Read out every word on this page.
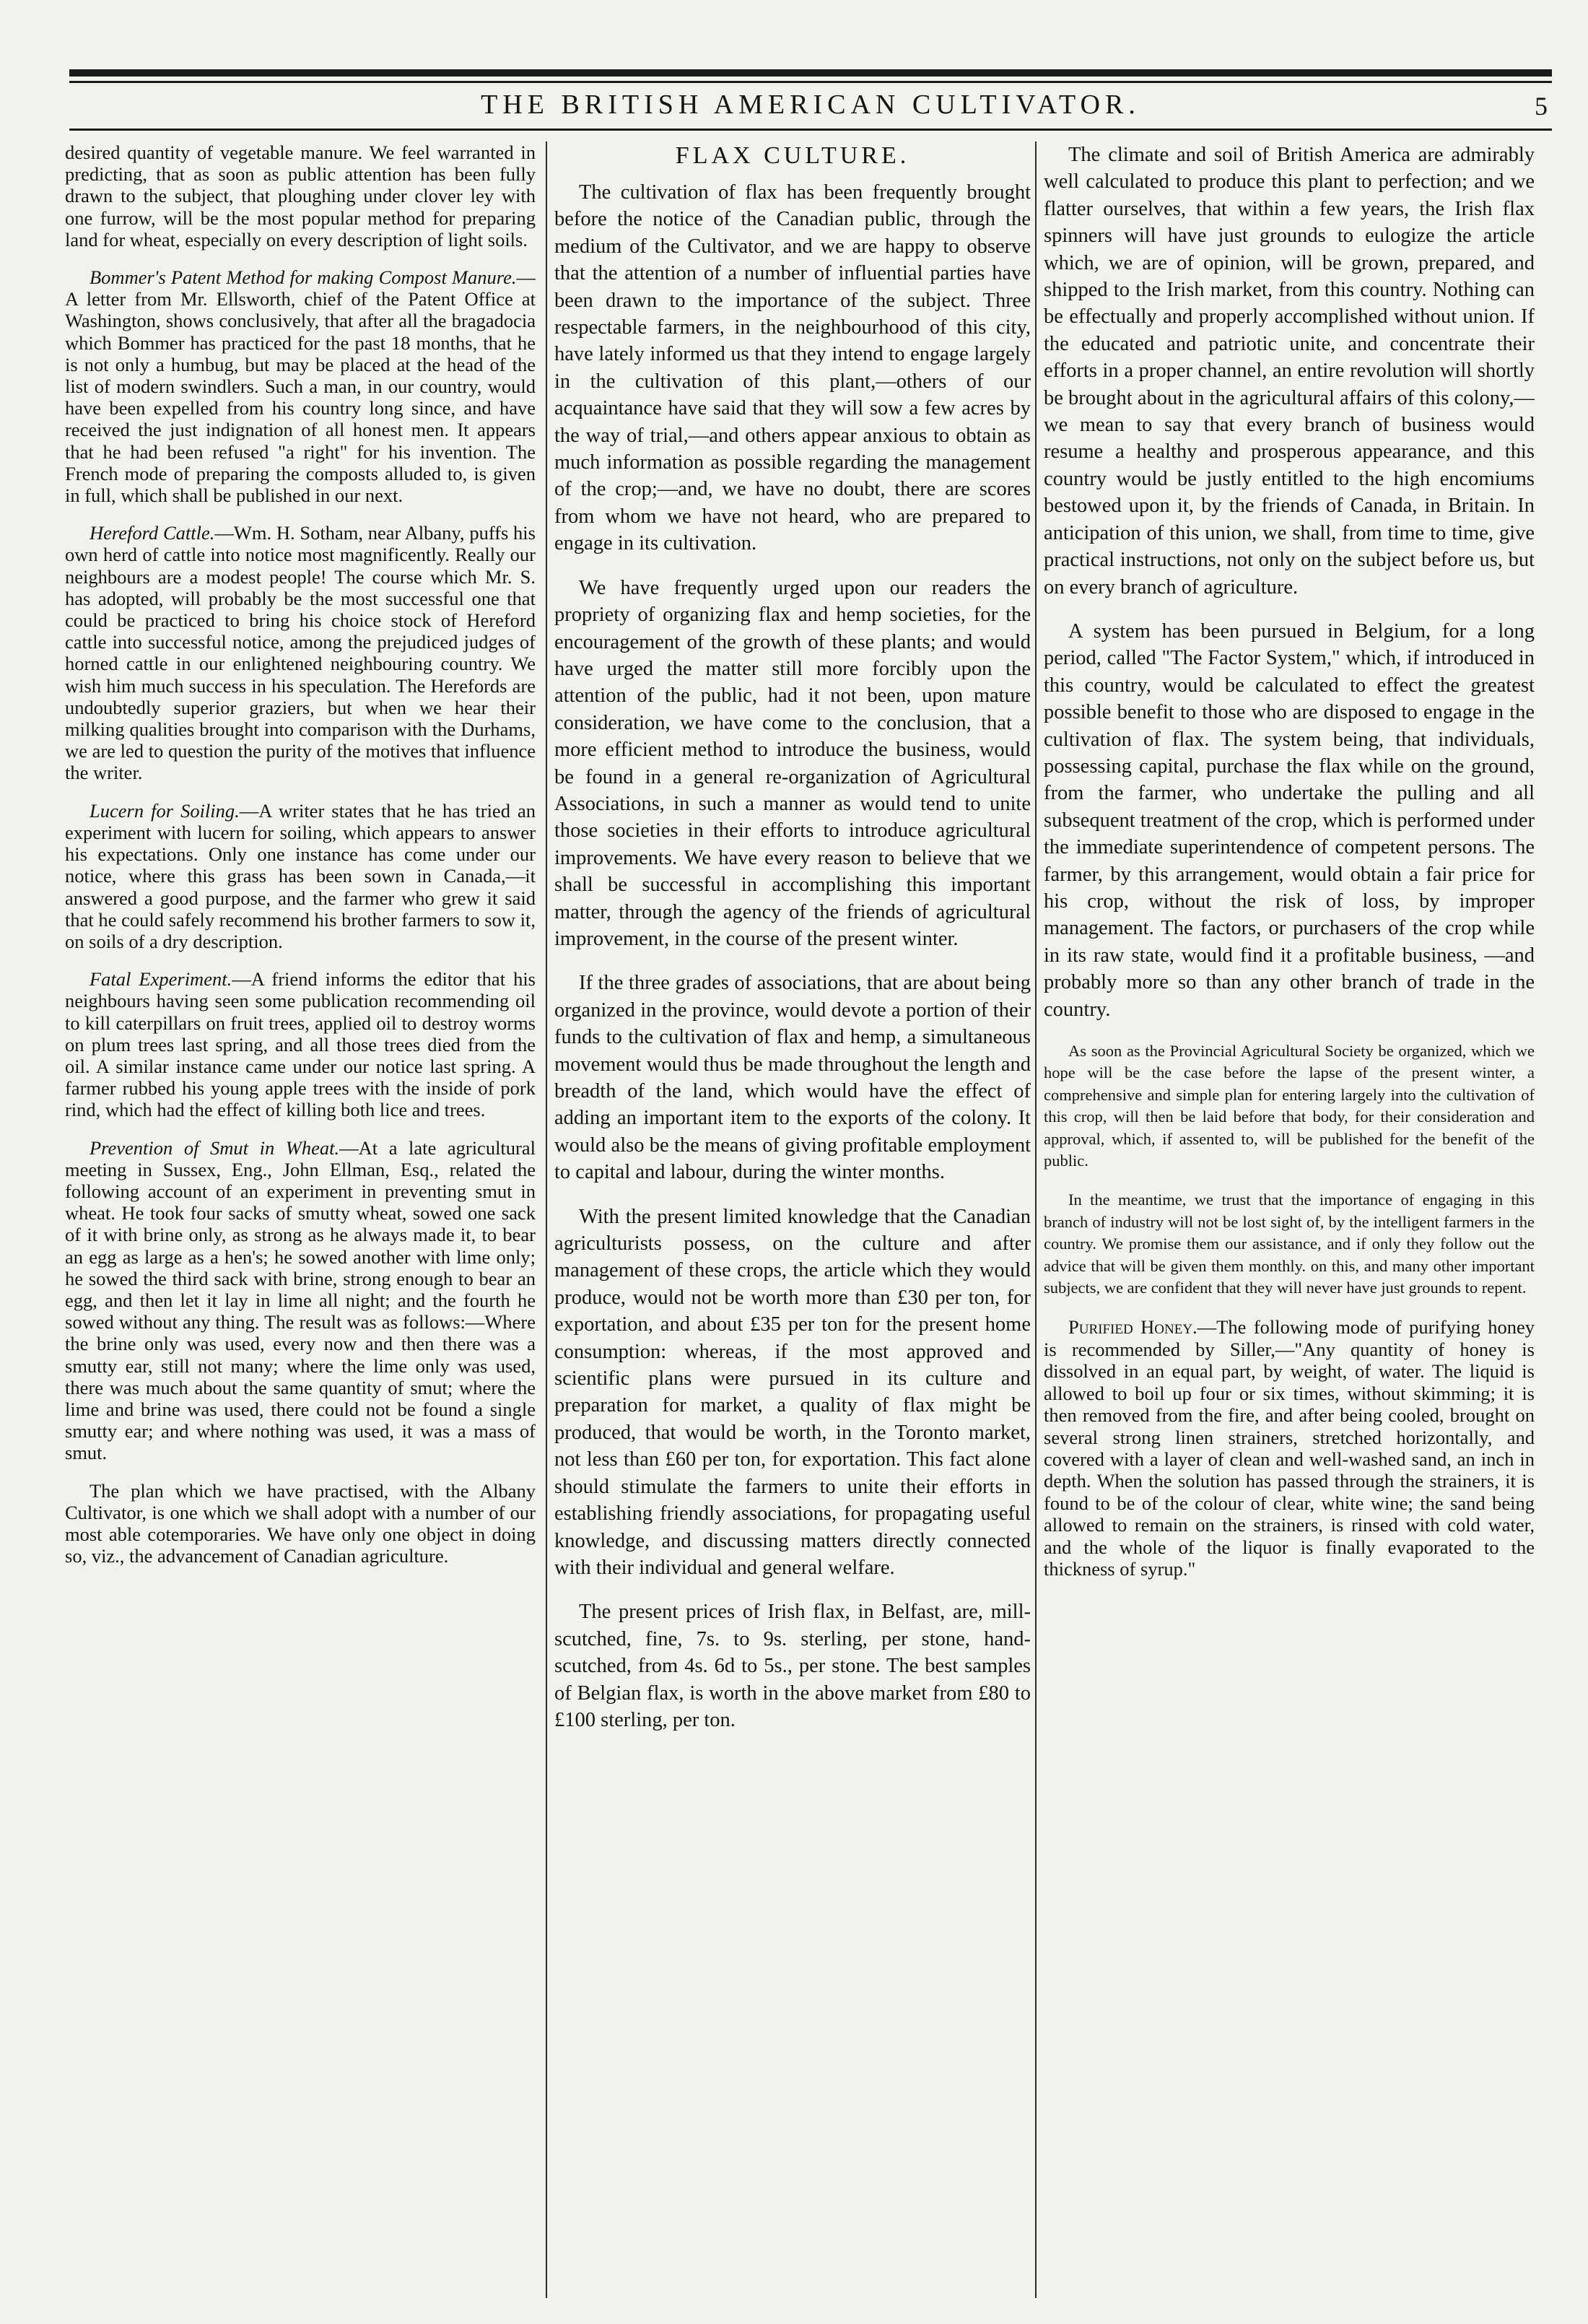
THE BRITISH AMERICAN CULTIVATOR.	5

desired quantity of vegetable manure. We feel warranted in predicting, that as soon as public attention has been fully drawn to the subject, that ploughing under clover ley with one furrow, will be the most popular method for preparing land for wheat, especially on every description of light soils.

Bommer's Patent Method for making Compost Manure.—A letter from Mr. Ellsworth, chief of the Patent Office at Washington, shows conclusively, that after all the bragadocia which Bommer has practiced for the past 18 months, that he is not only a humbug, but may be placed at the head of the list of modern swindlers. Such a man, in our country, would have been expelled from his country long since, and have received the just indignation of all honest men. It appears that he had been refused "a right" for his invention. The French mode of preparing the composts alluded to, is given in full, which shall be published in our next.

Hereford Cattle.—Wm. H. Sotham, near Albany, puffs his own herd of cattle into notice most magnificently. Really our neighbours are a modest people! The course which Mr. S. has adopted, will probably be the most successful one that could be practiced to bring his choice stock of Hereford cattle into successful notice, among the prejudiced judges of horned cattle in our enlightened neighbouring country. We wish him much success in his speculation. The Herefords are undoubtedly superior graziers, but when we hear their milking qualities brought into comparison with the Durhams, we are led to question the purity of the motives that influence the writer.

Lucern for Soiling.—A writer states that he has tried an experiment with lucern for soiling, which appears to answer his expectations. Only one instance has come under our notice, where this grass has been sown in Canada,—it answered a good purpose, and the farmer who grew it said that he could safely recommend his brother farmers to sow it, on soils of a dry description.

Fatal Experiment.—A friend informs the editor that his neighbours having seen some publication recommending oil to kill caterpillars on fruit trees, applied oil to destroy worms on plum trees last spring, and all those trees died from the oil. A similar instance came under our notice last spring. A farmer rubbed his young apple trees with the inside of pork rind, which had the effect of killing both lice and trees.

Prevention of Smut in Wheat.—At a late agricultural meeting in Sussex, Eng., John Ellman, Esq., related the following account of an experiment in preventing smut in wheat. He took four sacks of smutty wheat, sowed one sack of it with brine only, as strong as he always made it, to bear an egg as large as a hen's; he sowed another with lime only; he sowed the third sack with brine, strong enough to bear an egg, and then let it lay in lime all night; and the fourth he sowed without any thing. The result was as follows:—Where the brine only was used, every now and then there was a smutty ear, still not many; where the lime only was used, there was much about the same quantity of smut; where the lime and brine was used, there could not be found a single smutty ear; and where nothing was used, it was a mass of smut.

The plan which we have practised, with the Albany Cultivator, is one which we shall adopt with a number of our most able cotemporaries. We have only one object in doing so, viz., the advancement of Canadian agriculture.

FLAX CULTURE.

The cultivation of flax has been frequently brought before the notice of the Canadian public, through the medium of the Cultivator, and we are happy to observe that the attention of a number of influential parties have been drawn to the importance of the subject. Three respectable farmers, in the neighbourhood of this city, have lately informed us that they intend to engage largely in the cultivation of this plant,—others of our acquaintance have said that they will sow a few acres by the way of trial,—and others appear anxious to obtain as much information as possible regarding the management of the crop;—and, we have no doubt, there are scores from whom we have not heard, who are prepared to engage in its cultivation.

We have frequently urged upon our readers the propriety of organizing flax and hemp societies, for the encouragement of the growth of these plants; and would have urged the matter still more forcibly upon the attention of the public, had it not been, upon mature consideration, we have come to the conclusion, that a more efficient method to introduce the business, would be found in a general re-organization of Agricultural Associations, in such a manner as would tend to unite those societies in their efforts to introduce agricultural improvements. We have every reason to believe that we shall be successful in accomplishing this important matter, through the agency of the friends of agricultural improvement, in the course of the present winter.

If the three grades of associations, that are about being organized in the province, would devote a portion of their funds to the cultivation of flax and hemp, a simultaneous movement would thus be made throughout the length and breadth of the land, which would have the effect of adding an important item to the exports of the colony. It would also be the means of giving profitable employment to capital and labour, during the winter months.

With the present limited knowledge that the Canadian agriculturists possess, on the culture and after management of these crops, the article which they would produce, would not be worth more than £30 per ton, for exportation, and about £35 per ton for the present home consumption: whereas, if the most approved and scientific plans were pursued in its culture and preparation for market, a quality of flax might be produced, that would be worth, in the Toronto market, not less than £60 per ton, for exportation. This fact alone should stimulate the farmers to unite their efforts in establishing friendly associations, for propagating useful knowledge, and discussing matters directly connected with their individual and general welfare.

The present prices of Irish flax, in Belfast, are, mill-scutched, fine, 7s. to 9s. sterling, per stone, hand-scutched, from 4s. 6d to 5s., per stone. The best samples of Belgian flax, is worth in the above market from £80 to £100 sterling, per ton.

The climate and soil of British America are admirably well calculated to produce this plant to perfection; and we flatter ourselves, that within a few years, the Irish flax spinners will have just grounds to eulogize the article which, we are of opinion, will be grown, prepared, and shipped to the Irish market, from this country. Nothing can be effectually and properly accomplished without union. If the educated and patriotic unite, and concentrate their efforts in a proper channel, an entire revolution will shortly be brought about in the agricultural affairs of this colony,—we mean to say that every branch of business would resume a healthy and prosperous appearance, and this country would be justly entitled to the high encomiums bestowed upon it, by the friends of Canada, in Britain. In anticipation of this union, we shall, from time to time, give practical instructions, not only on the subject before us, but on every branch of agriculture.

A system has been pursued in Belgium, for a long period, called "The Factor System," which, if introduced in this country, would be calculated to effect the greatest possible benefit to those who are disposed to engage in the cultivation of flax. The system being, that individuals, possessing capital, purchase the flax while on the ground, from the farmer, who undertake the pulling and all subsequent treatment of the crop, which is performed under the immediate superintendence of competent persons. The farmer, by this arrangement, would obtain a fair price for his crop, without the risk of loss, by improper management. The factors, or purchasers of the crop while in its raw state, would find it a profitable business, —and probably more so than any other branch of trade in the country.

As soon as the Provincial Agricultural Society be organized, which we hope will be the case before the lapse of the present winter, a comprehensive and simple plan for entering largely into the cultivation of this crop, will then be laid before that body, for their consideration and approval, which, if assented to, will be published for the benefit of the public.

In the meantime, we trust that the importance of engaging in this branch of industry will not be lost sight of, by the intelligent farmers in the country. We promise them our assistance, and if only they follow out the advice that will be given them monthly. on this, and many other important subjects, we are confident that they will never have just grounds to repent.

Purified Honey.—The following mode of purifying honey is recommended by Siller,—"Any quantity of honey is dissolved in an equal part, by weight, of water. The liquid is allowed to boil up four or six times, without skimming; it is then removed from the fire, and after being cooled, brought on several strong linen strainers, stretched horizontally, and covered with a layer of clean and well-washed sand, an inch in depth. When the solution has passed through the strainers, it is found to be of the colour of clear, white wine; the sand being allowed to remain on the strainers, is rinsed with cold water, and the whole of the liquor is finally evaporated to the thickness of syrup."
